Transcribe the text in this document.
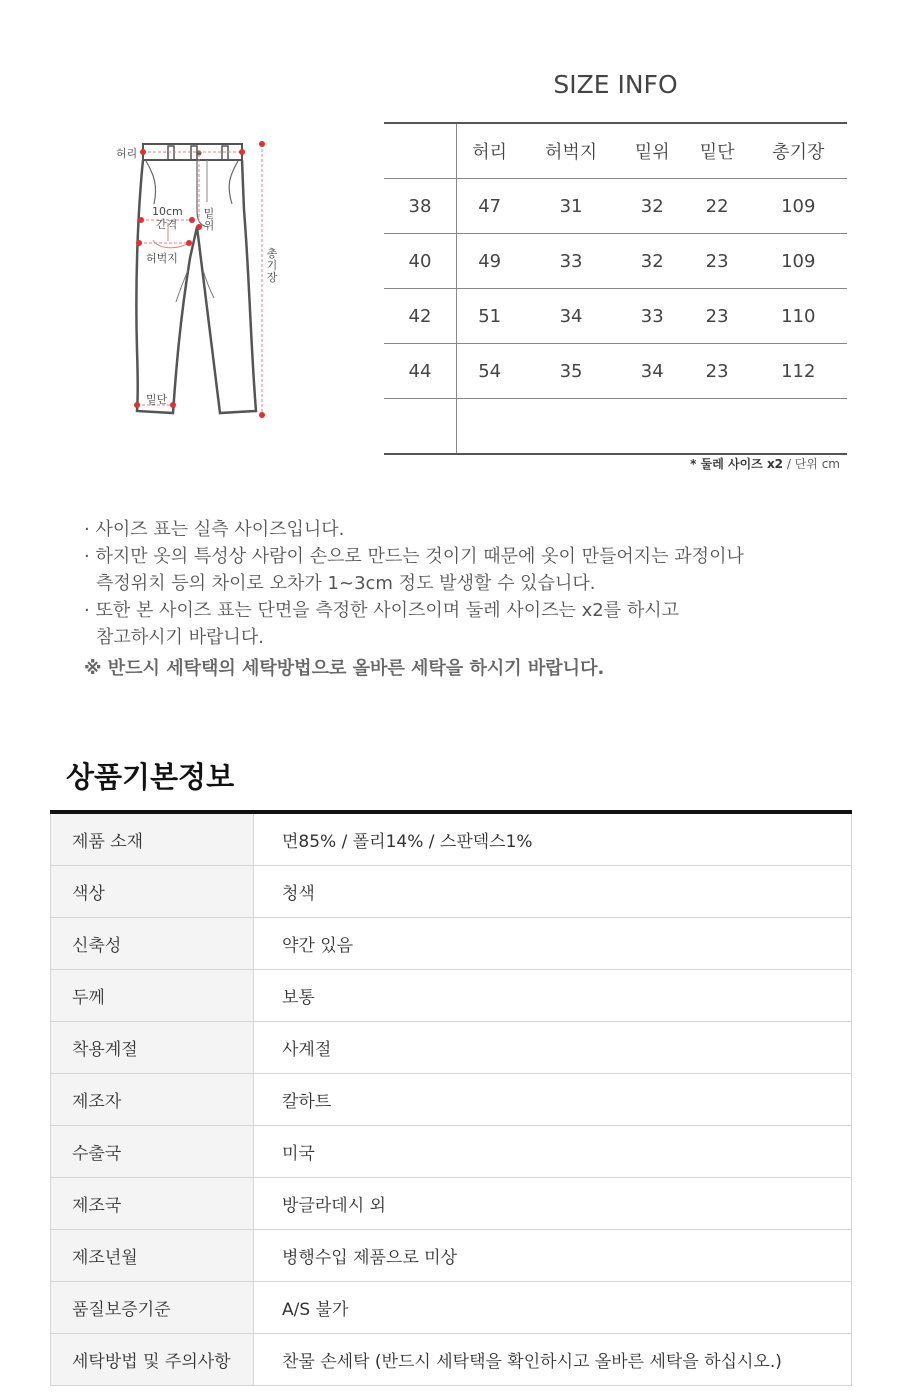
허리
10cm
간격
허벅지
밑단
밑위
총기장
SIZE INFO
	허리	허벅지	밑위	밑단	총기장
38	47	31	32	22	109
40	49	33	32	23	109
42	51	34	33	23	110
44	54	35	34	23	112

* 둘레 사이즈 x2 / 단위 cm
· 사이즈 표는 실측 사이즈입니다.
· 하지만 옷의 특성상 사람이 손으로 만드는 것이기 때문에 옷이 만들어지는 과정이나
측정위치 등의 차이로 오차가 1~3cm 정도 발생할 수 있습니다.
· 또한 본 사이즈 표는 단면을 측정한 사이즈이며 둘레 사이즈는 x2를 하시고
참고하시기 바랍니다.
※ 반드시 세탁택의 세탁방법으로 올바른 세탁을 하시기 바랍니다.
상품기본정보
제품 소재	면85% / 폴리14% / 스판덱스1%
색상	청색
신축성	약간 있음
두께	보통
착용계절	사계절
제조자	칼하트
수출국	미국
제조국	방글라데시 외
제조년월	병행수입 제품으로 미상
품질보증기준	A/S 불가
세탁방법 및 주의사항	찬물 손세탁 (반드시 세탁택을 확인하시고 올바른 세탁을 하십시오.)
